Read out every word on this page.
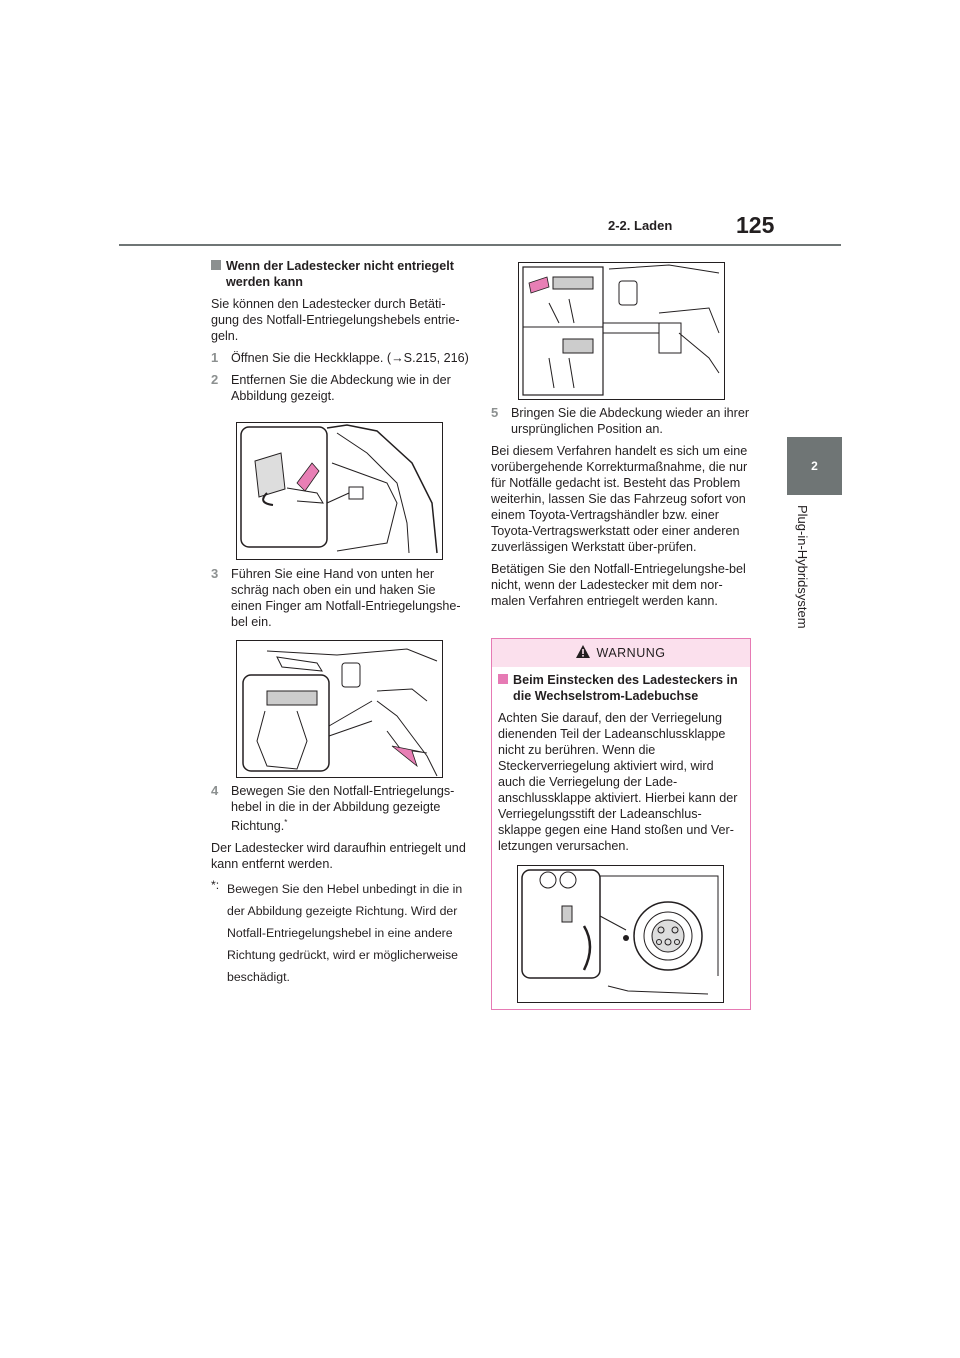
2-2. Laden	125
2
Plug-in-Hybridsystem

Wenn der Ladestecker nicht entriegelt werden kann

Sie können den Ladestecker durch Betäti-gung des Notfall-Entriegelungshebels entrie-geln.

1 Öffnen Sie die Heckklappe. (→S.215, 216)
2 Entfernen Sie die Abdeckung wie in der Abbildung gezeigt.
3 Führen Sie eine Hand von unten her schräg nach oben ein und haken Sie einen Finger am Notfall-Entriegelungshe-bel ein.
4 Bewegen Sie den Notfall-Entriegelungs-hebel in die in der Abbildung gezeigte Richtung.*

Der Ladestecker wird daraufhin entriegelt und kann entfernt werden.

*: Bewegen Sie den Hebel unbedingt in die in der Abbildung gezeigte Richtung. Wird der Notfall-Entriegelungshebel in eine andere Richtung gedrückt, wird er möglicherweise beschädigt.
5 Bringen Sie die Abdeckung wieder an ihrer ursprünglichen Position an.

Bei diesem Verfahren handelt es sich um eine vorübergehende Korrekturmaßnahme, die nur für Notfälle gedacht ist. Besteht das Problem weiterhin, lassen Sie das Fahrzeug sofort von einem Toyota-Vertragshändler bzw. einer Toyota-Vertragswerkstatt oder einer anderen zuverlässigen Werkstatt über-prüfen.

Betätigen Sie den Notfall-Entriegelungshe-bel nicht, wenn der Ladestecker mit dem nor-malen Verfahren entriegelt werden kann.

WARNUNG

Beim Einstecken des Ladesteckers in die Wechselstrom-Ladebuchse

Achten Sie darauf, den der Verriegelung dienenden Teil der Ladeanschlussklappe nicht zu berühren. Wenn die Steckerverriegelung aktiviert wird, wird auch die Verriegelung der Lade-anschlussklappe aktiviert. Hierbei kann der Verriegelungsstift der Ladeanschlus-sklappe gegen eine Hand stoßen und Ver-letzungen verursachen.
